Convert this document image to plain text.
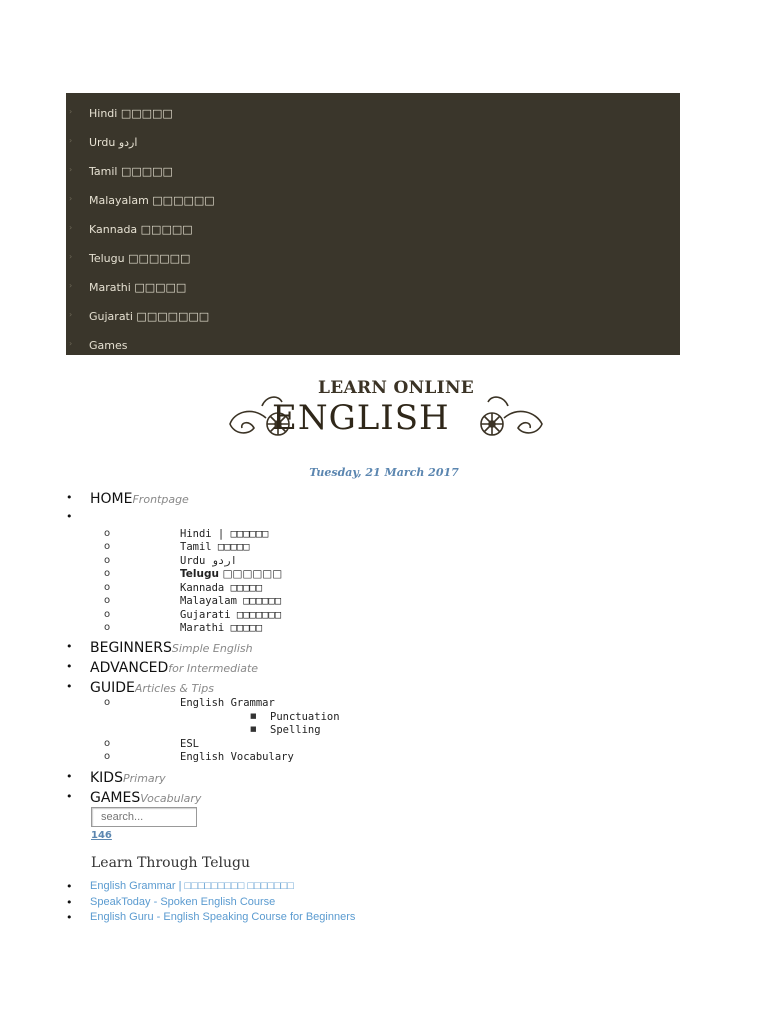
› Hindi □□□□□
› Urdu اردو
› Tamil □□□□□
› Malayalam □□□□□□
› Kannada □□□□□
› Telugu □□□□□□
› Marathi □□□□□
› Gujarati □□□□□□□
› Games
LEARN ONLINE
ENGLISH
Tuesday, 21 March 2017
• HOMEFrontpage
•
o	Hindi | □□□□□□
o	Tamil □□□□□
o	Urdu اردو
o	Telugu □□□□□□
o	Kannada □□□□□
o	Malayalam □□□□□□
o	Gujarati □□□□□□□
o	Marathi □□□□□
• BEGINNERSSimple English
• ADVANCEDfor Intermediate
• GUIDEArticles & Tips
o	English Grammar
■ Punctuation
■ Spelling
o	ESL
o	English Vocabulary
• KIDSPrimary
• GAMESVocabulary
search...
146
Learn Through Telugu
• English Grammar | □□□□□□□□□ □□□□□□□
• SpeakToday - Spoken English Course
• English Guru - English Speaking Course for Beginners
